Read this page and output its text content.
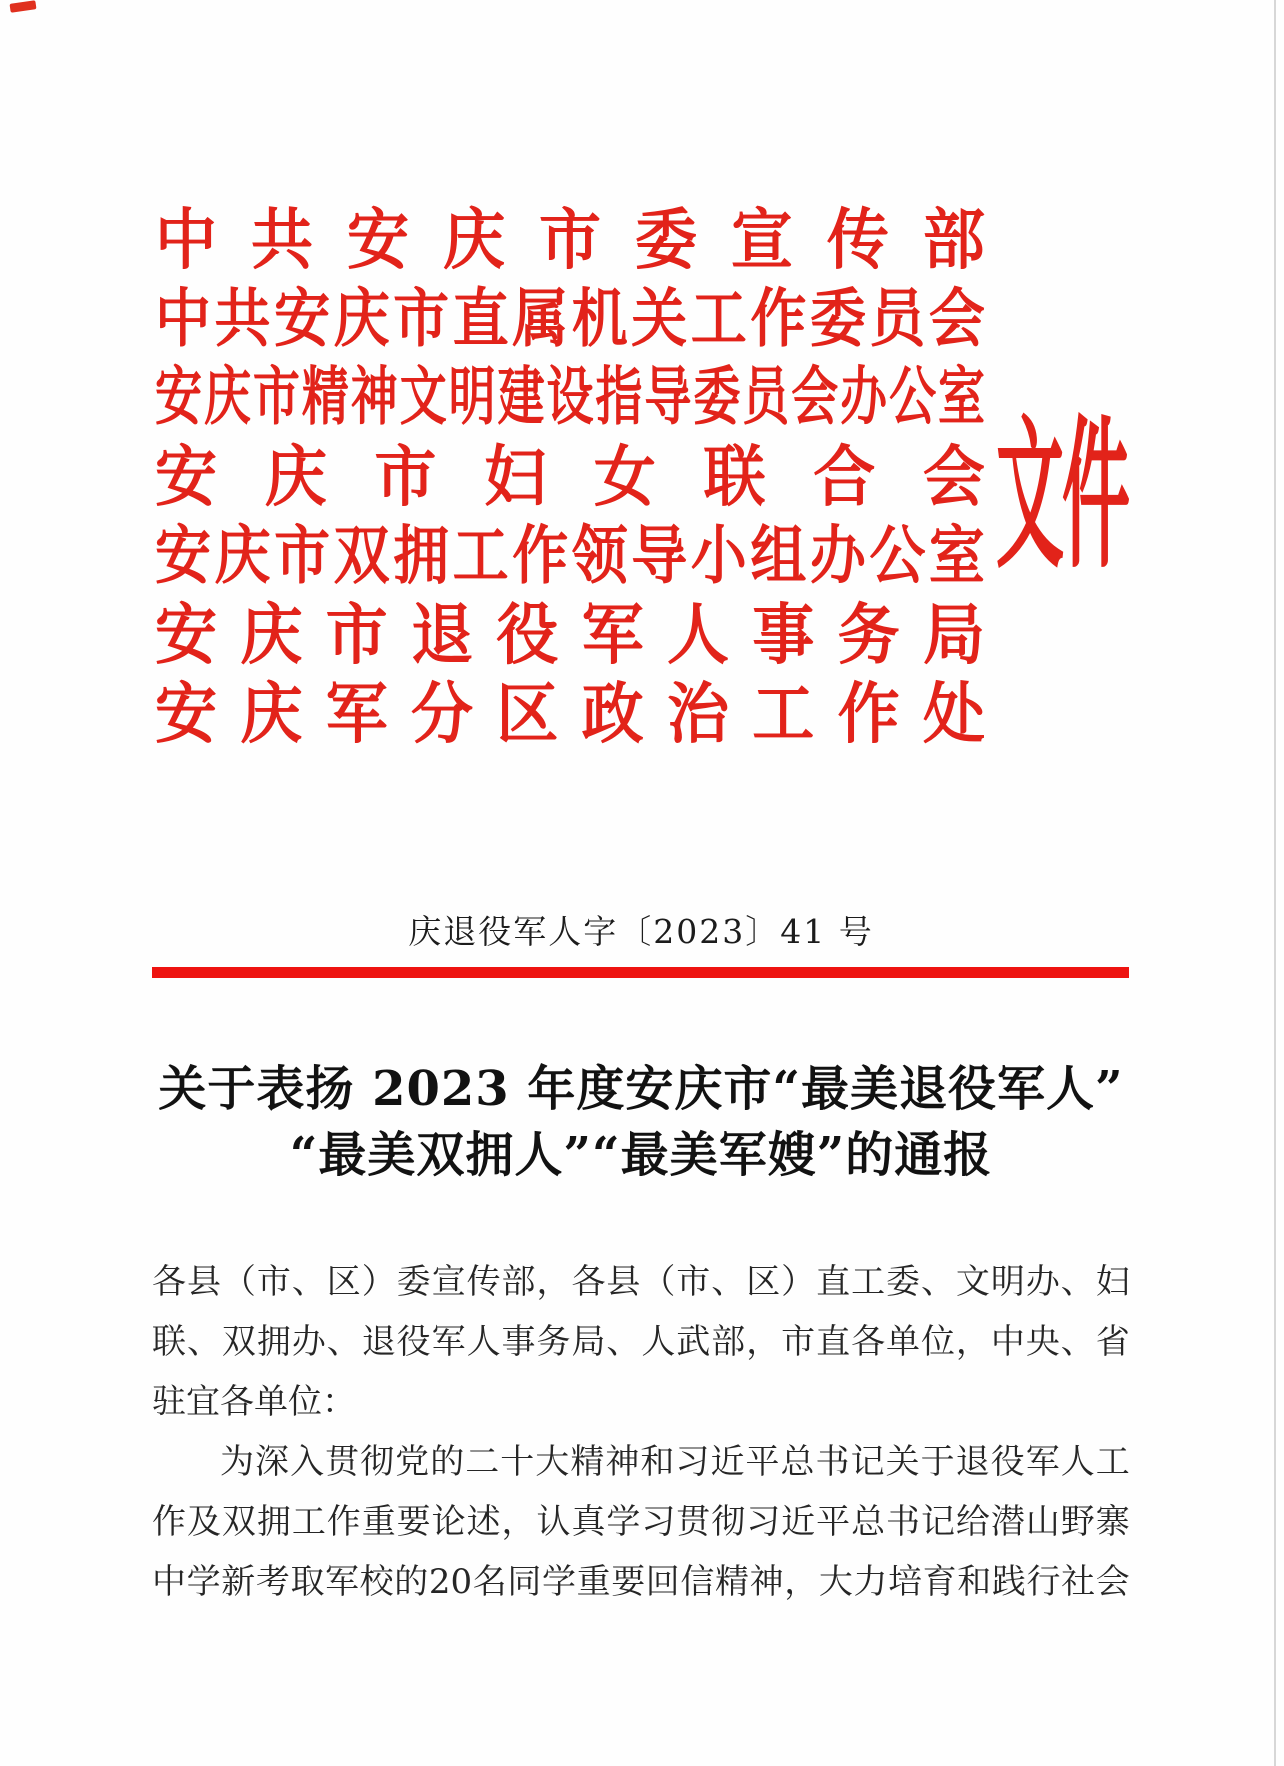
中 共 安 庆 市 委 宣 传 部
中 共 安 庆 市 直 属 机 关 工 作 委 员 会
安 庆 市 精 神 文 明 建 设 指 导 委 员 会 办 公 室
安 庆 市 妇 女 联 合 会
安 庆 市 双 拥 工 作 领 导 小 组 办 公 室
安 庆 市 退 役 军 人 事 务 局
安 庆 军 分 区 政 治 工 作 处
文件
庆退役军人字〔2023〕41 号
关于表扬 2023 年度安庆市“最美退役军人”
“最美双拥人”“最美军嫂”的通报
各 县 （ 市 、 区 ） 委 宣 传 部 ， 各 县 （ 市 、 区 ） 直 工 委 、 文 明 办 、 妇
联 、 双 拥 办 、 退 役 军 人 事 务 局 、 人 武 部 ， 市 直 各 单 位 ， 中 央 、 省
驻 宜 各 单 位 ：
为 深 入 贯 彻 党 的 二 十 大 精 神 和 习 近 平 总 书 记 关 于 退 役 军 人 工
作 及 双 拥 工 作 重 要 论 述 ， 认 真 学 习 贯 彻 习 近 平 总 书 记 给 潜 山 野 寨
中 学 新 考 取 军 校 的 20 名 同 学 重 要 回 信 精 神 ， 大 力 培 育 和 践 行 社 会
